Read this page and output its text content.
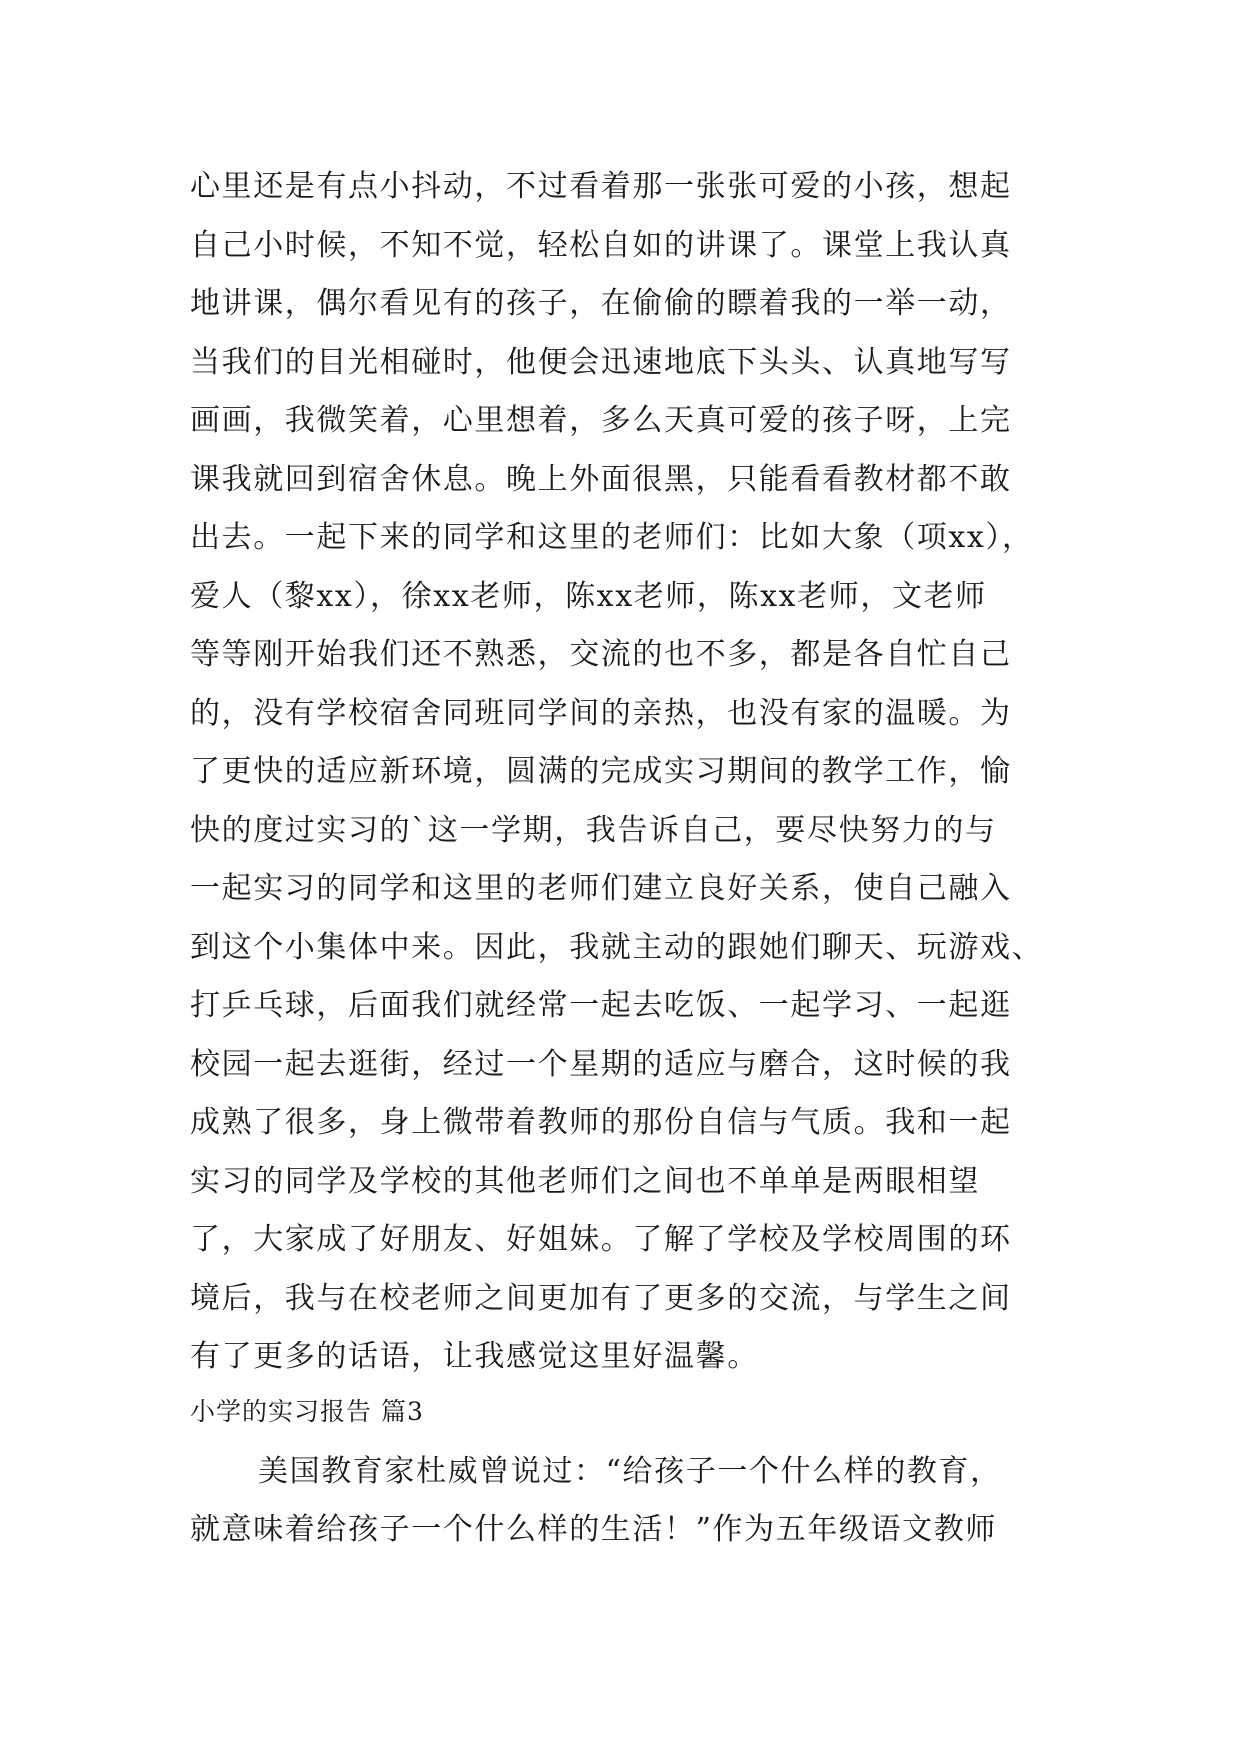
心里还是有点小抖动，不过看着那一张张可爱的小孩，想起
自己小时候，不知不觉，轻松自如的讲课了。课堂上我认真
地讲课，偶尔看见有的孩子，在偷偷的瞟着我的一举一动，
当我们的目光相碰时，他便会迅速地底下头头、认真地写写
画画，我微笑着，心里想着，多么天真可爱的孩子呀，上完
课我就回到宿舍休息。晚上外面很黑，只能看看教材都不敢
出去。一起下来的同学和这里的老师们：比如大象（项xx），
爱人（黎xx），徐xx老师，陈xx老师，陈xx老师，文老师
等等刚开始我们还不熟悉，交流的也不多，都是各自忙自己
的，没有学校宿舍同班同学间的亲热，也没有家的温暖。为
了更快的适应新环境，圆满的完成实习期间的教学工作，愉
快的度过实习的`这一学期，我告诉自己，要尽快努力的与
一起实习的同学和这里的老师们建立良好关系，使自己融入
到这个小集体中来。因此，我就主动的跟她们聊天、玩游戏、
打乒乓球，后面我们就经常一起去吃饭、一起学习、一起逛
校园一起去逛街，经过一个星期的适应与磨合，这时候的我
成熟了很多，身上微带着教师的那份自信与气质。我和一起
实习的同学及学校的其他老师们之间也不单单是两眼相望
了，大家成了好朋友、好姐妹。了解了学校及学校周围的环
境后，我与在校老师之间更加有了更多的交流，与学生之间
有了更多的话语，让我感觉这里好温馨。
小学的实习报告 篇3
美国教育家杜威曾说过：“给孩子一个什么样的教育，
就意味着给孩子一个什么样的生活！”作为五年级语文教师
